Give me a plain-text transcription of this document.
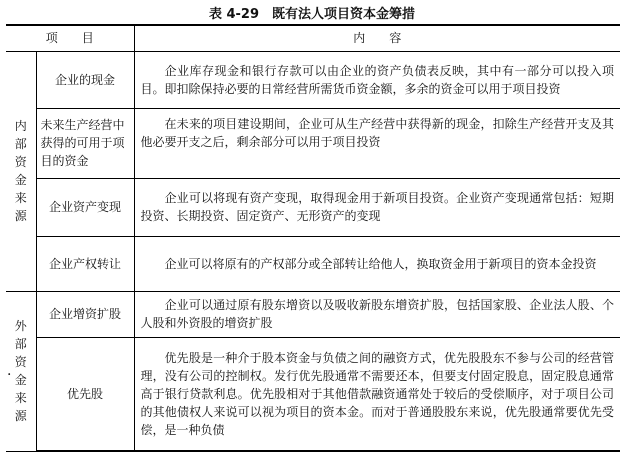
表 4-29　既有法人项目资本金筹措
项　　目		内　　容

内部资金来源	企业的现金	企业库存现金和银行存款可以由企业的资产负债表反映，其中有一部分可以投入项目。即扣除保持必要的日常经营所需货币资金额，多余的资金可以用于项目投资

	未来生产经营中获得的可用于项目的资金	在未来的项目建设期间，企业可从生产经营中获得新的现金，扣除生产经营开支及其他必要开支之后，剩余部分可以用于项目投资

	企业资产变现	企业可以将现有资产变现，取得现金用于新项目投资。企业资产变现通常包括：短期投资、长期投资、固定资产、无形资产的变现

	企业产权转让	企业可以将原有的产权部分或全部转让给他人，换取资金用于新项目的资本金投资

外部资金来源	企业增资扩股	企业可以通过原有股东增资以及吸收新股东增资扩股，包括国家股、企业法人股、个人股和外资股的增资扩股

	优先股	优先股是一种介于股本资金与负债之间的融资方式，优先股股东不参与公司的经营管理，没有公司的控制权。发行优先股通常不需要还本，但要支付固定股息，固定股息通常高于银行贷款利息。优先股相对于其他借款融资通常处于较后的受偿顺序，对于项目公司的其他债权人来说可以视为项目的资本金。而对于普通股股东来说，优先股通常要优先受偿，是一种负债

·
